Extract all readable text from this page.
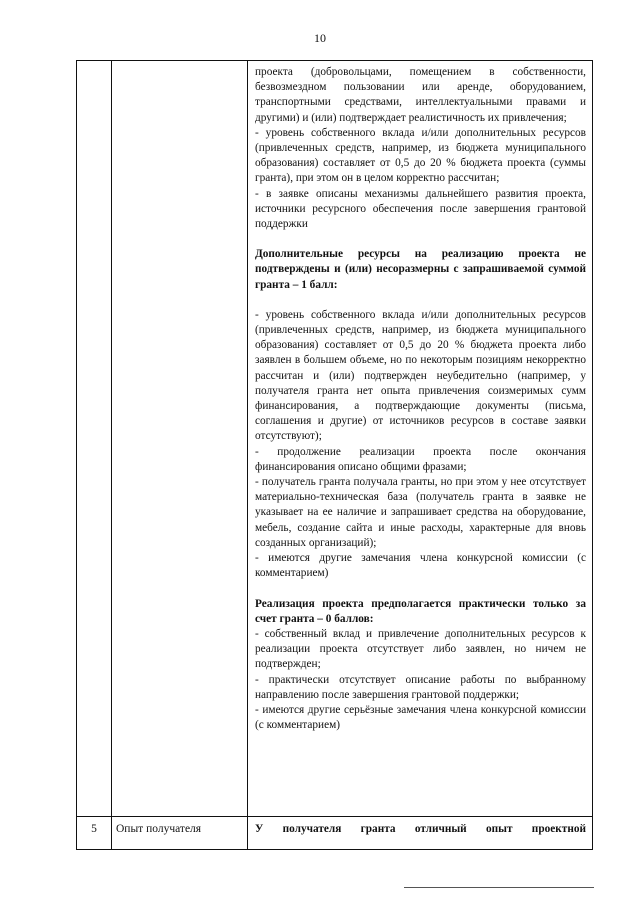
10

проекта (добровольцами, помещением в собственности, безвозмездном пользовании или аренде, оборудованием, транспортными средствами, интеллектуальными правами и другими) и (или) подтверждает реалистичность их привлечения;

- уровень собственного вклада и/или дополнительных ресурсов (привлеченных средств, например, из бюджета муниципального образования) составляет от 0,5 до 20 % бюджета проекта (суммы гранта), при этом он в целом корректно рассчитан;

- в заявке описаны механизмы дальнейшего развития проекта, источники ресурсного обеспечения после завершения грантовой поддержки

Дополнительные ресурсы на реализацию проекта не подтверждены и (или) несоразмерны с запрашиваемой суммой гранта – 1 балл:

- уровень собственного вклада и/или дополнительных ресурсов (привлеченных средств, например, из бюджета муниципального образования) составляет от 0,5 до 20 % бюджета проекта либо заявлен в большем объеме, но по некоторым позициям некорректно рассчитан и (или) подтвержден неубедительно (например, у получателя гранта нет опыта привлечения соизмеримых сумм финансирования, а подтверждающие документы (письма, соглашения и другие) от источников ресурсов в составе заявки отсутствуют);

- продолжение реализации проекта после окончания финансирования описано общими фразами;

- получатель гранта получала гранты, но при этом у нее отсутствует материально-техническая база (получатель гранта в заявке не указывает на ее наличие и запрашивает средства на оборудование, мебель, создание сайта и иные расходы, характерные для вновь созданных организаций);

- имеются другие замечания члена конкурсной комиссии (с комментарием)

Реализация проекта предполагается практически только за счет гранта – 0 баллов:

- собственный вклад и привлечение дополнительных ресурсов к реализации проекта отсутствует либо заявлен, но ничем не подтвержден;

- практически отсутствует описание работы по выбранному направлению после завершения грантовой поддержки;

- имеются другие серьёзные замечания члена конкурсной комиссии (с комментарием)

5	Опыт получателя	У получателя гранта отличный опыт проектной
